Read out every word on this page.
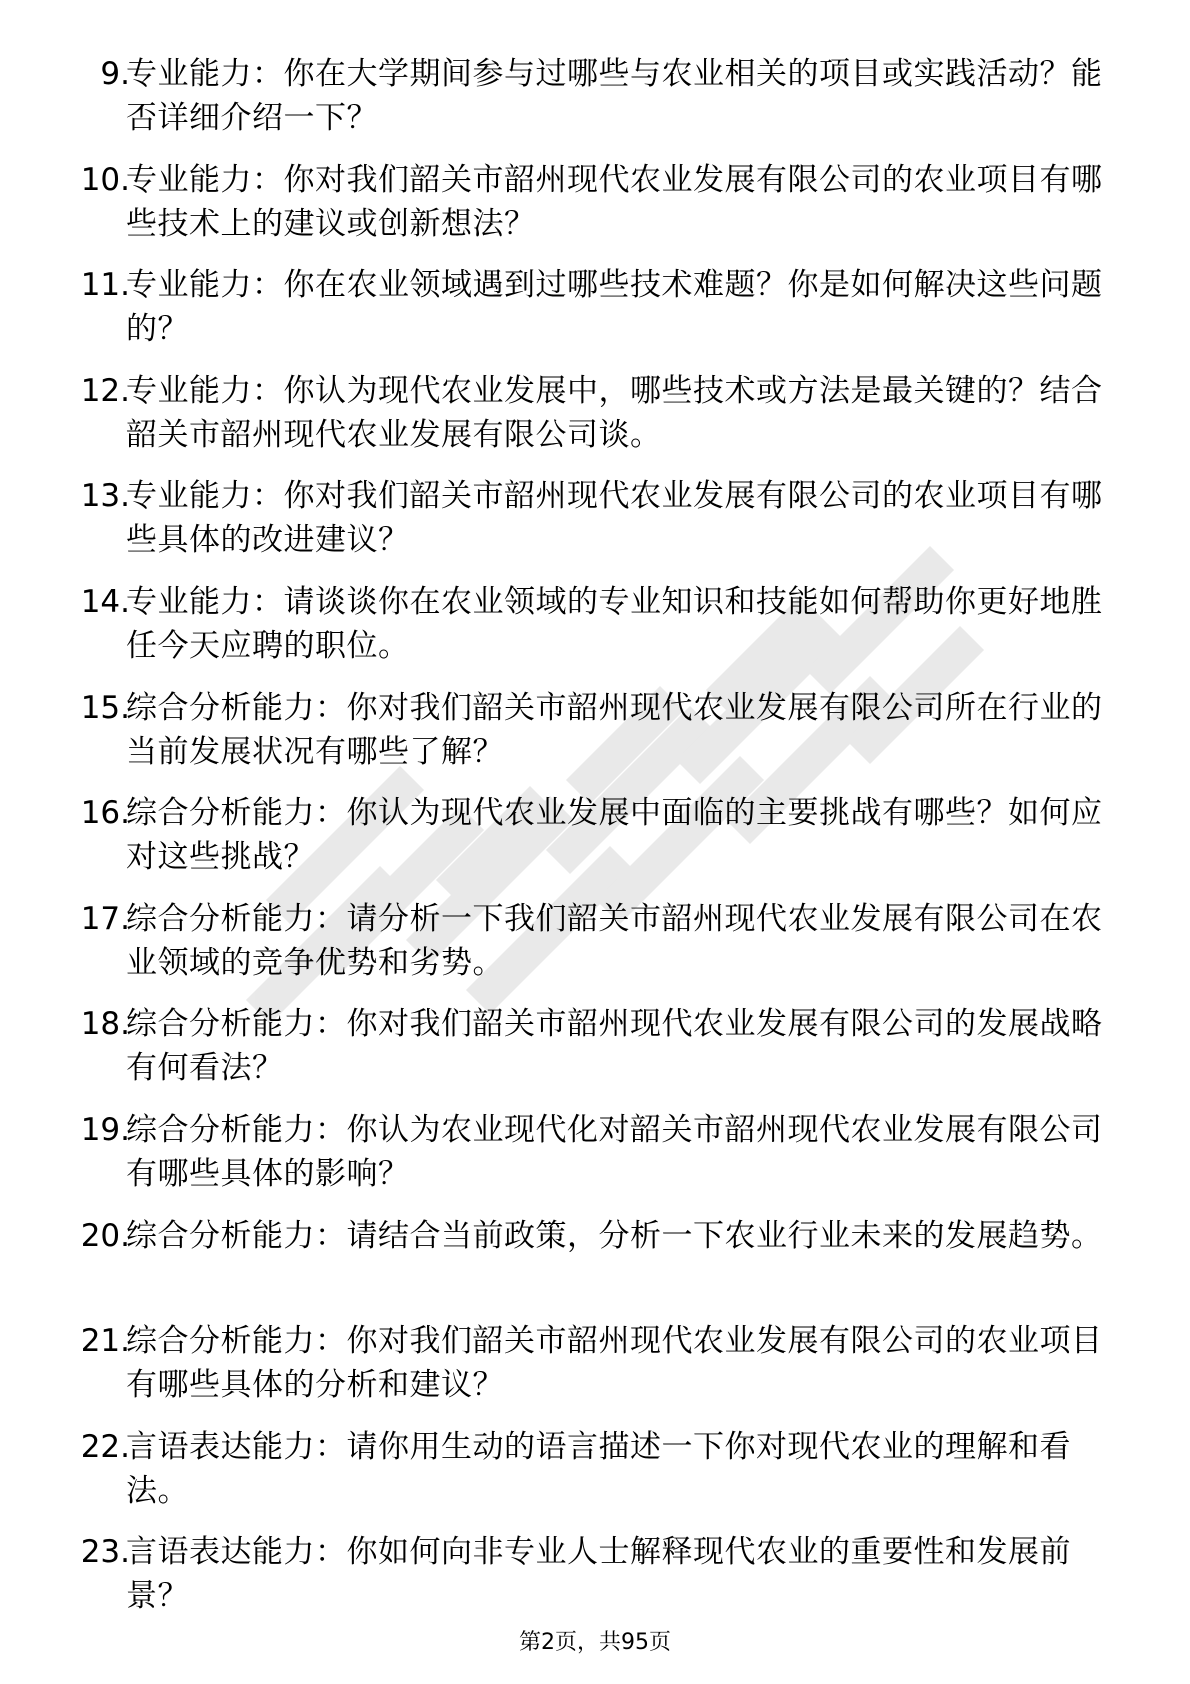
9.
专业能力：你在大学期间参与过哪些与农业相关的项目或实践活动？能否详细介绍一下？
10.
专业能力：你对我们韶关市韶州现代农业发展有限公司的农业项目有哪些技术上的建议或创新想法？
11.
专业能力：你在农业领域遇到过哪些技术难题？你是如何解决这些问题的？
12.
专业能力：你认为现代农业发展中，哪些技术或方法是最关键的？结合韶关市韶州现代农业发展有限公司谈。
13.
专业能力：你对我们韶关市韶州现代农业发展有限公司的农业项目有哪些具体的改进建议？
14.
专业能力：请谈谈你在农业领域的专业知识和技能如何帮助你更好地胜任今天应聘的职位。
15.
综合分析能力：你对我们韶关市韶州现代农业发展有限公司所在行业的当前发展状况有哪些了解？
16.
综合分析能力：你认为现代农业发展中面临的主要挑战有哪些？如何应对这些挑战？
17.
综合分析能力：请分析一下我们韶关市韶州现代农业发展有限公司在农业领域的竞争优势和劣势。
18.
综合分析能力：你对我们韶关市韶州现代农业发展有限公司的发展战略有何看法？
19.
综合分析能力：你认为农业现代化对韶关市韶州现代农业发展有限公司有哪些具体的影响？
20.
综合分析能力：请结合当前政策，分析一下农业行业未来的发展趋势。
21.
综合分析能力：你对我们韶关市韶州现代农业发展有限公司的农业项目有哪些具体的分析和建议？
22.
言语表达能力：请你用生动的语言描述一下你对现代农业的理解和看法。
23.
言语表达能力：你如何向非专业人士解释现代农业的重要性和发展前景？
第2页，共95页
